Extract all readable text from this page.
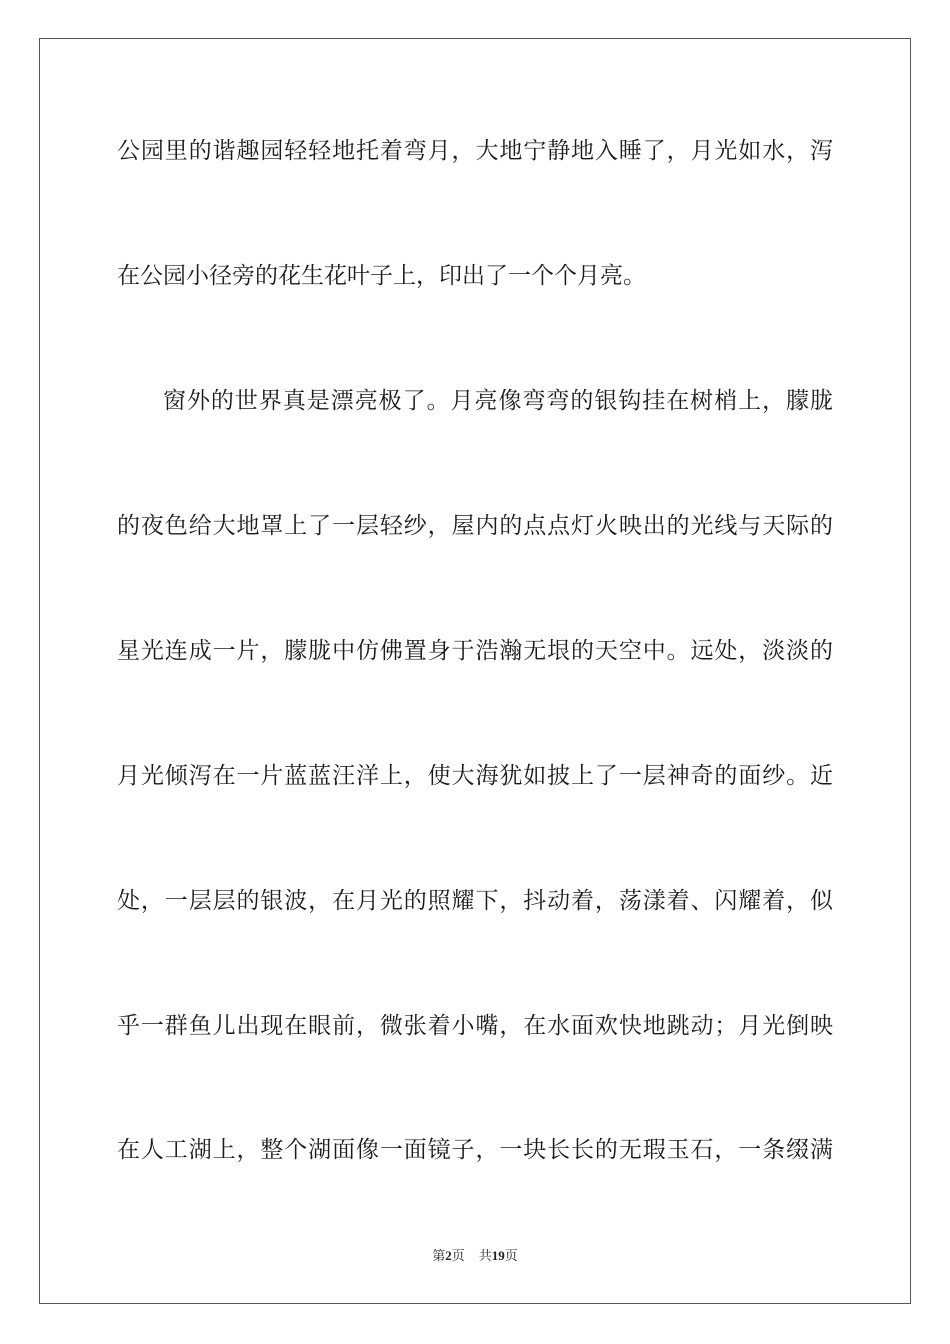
公园里的谐趣园轻轻地托着弯月，大地宁静地入睡了，月光如水，泻
在公园小径旁的花生花叶子上，印出了一个个月亮。
窗外的世界真是漂亮极了。月亮像弯弯的银钩挂在树梢上，朦胧
的夜色给大地罩上了一层轻纱，屋内的点点灯火映出的光线与天际的
星光连成一片，朦胧中仿佛置身于浩瀚无垠的天空中。远处，淡淡的
月光倾泻在一片蓝蓝汪洋上，使大海犹如披上了一层神奇的面纱。近
处，一层层的银波，在月光的照耀下，抖动着，荡漾着、闪耀着，似
乎一群鱼儿出现在眼前，微张着小嘴，在水面欢快地跳动；月光倒映
在人工湖上，整个湖面像一面镜子，一块长长的无瑕玉石，一条缀满
第2页 共19页
